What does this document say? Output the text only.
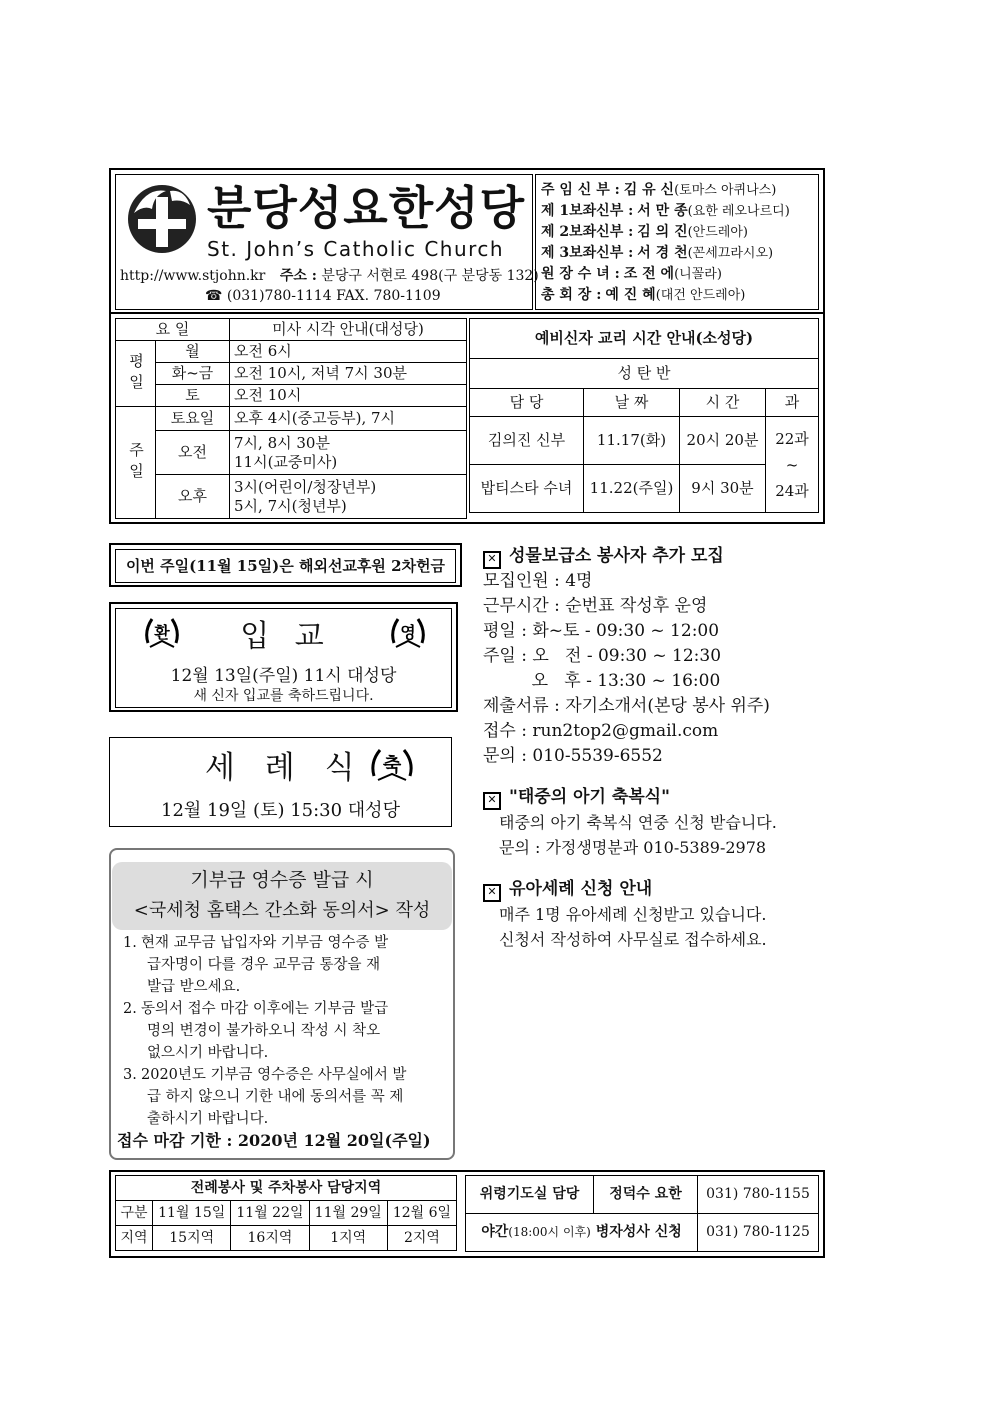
분당성요한성당
St. John’s Catholic Church
http://www.stjohn.kr 주소 : 분당구 서현로 498(구 분당동 132)
☎ (031)780-1114 FAX. 780-1109
주 임 신 부 : 김 유 신(토마스 아퀴나스)
제 1보좌신부 : 서 만 종(요한 레오나르디)
제 2보좌신부 : 김 의 진(안드레아)
제 3보좌신부 : 서 경 천(꼰세끄라시오)
원 장 수 녀 : 조 전 에(니꼴라)
총 회 장 : 예 진 혜(대건 안드레아)
요 일		미사 시각 안내(대성당)
평일	월	오전 6시
	화~금	오전 10시, 저녁 7시 30분
	토	오전 10시
주일	토요일	오후 4시(중고등부), 7시
	오전	7시, 8시 30분
11시(교중미사)

	오후	3시(어린이/청장년부)
5시, 7시(청년부)
예비신자 교리 시간 안내(소성당)			
성 탄 반			
담 당	날 짜	시 간	과
김의진 신부	11.17(화)	20시 20분	22과
~
24과

밥티스타 수녀	11.22(주일)	9시 30분	
이번 주일(11월 15일)은 해외선교후원 2차헌금
환	입 교	영
12월 13일(주일) 11시 대성당
새 신자 입교를 축하드립니다.
세 례 식 축
12월 19일 (토) 15:30 대성당
기부금 영수증 발급 시
<국세청 홈택스 간소화 동의서> 작성
1. 현재 교무금 납입자와 기부금 영수증 발
급자명이 다를 경우 교무금 통장을 재
발급 받으세요.
2. 동의서 접수 마감 이후에는 기부금 발급
명의 변경이 불가하오니 작성 시 착오
없으시기 바랍니다.
3. 2020년도 기부금 영수증은 사무실에서 발
급 하지 않으니 기한 내에 동의서를 꼭 제
출하시기 바랍니다.
접수 마감 기한 : 2020년 12월 20일(주일)
✕ 성물보급소 봉사자 추가 모집
모집인원 : 4명
근무시간 : 순번표 작성후 운영
평일 : 화~토 - 09:30 ~ 12:00
주일 : 오   전 - 09:30 ~ 12:30
오   후 - 13:30 ~ 16:00
제출서류 : 자기소개서(본당 봉사 위주)
접수 : run2top2@gmail.com
문의 : 010-5539-6552
✕ "태중의 아기 축복식"
태중의 아기 축복식 연중 신청 받습니다.
문의 : 가정생명분과 010-5389-2978
✕ 유아세례 신청 안내
매주 1명 유아세례 신청받고 있습니다.
신청서 작성하여 사무실로 접수하세요.
전례봉사 및 주차봉사 담당지역				
구분	11월 15일	11월 22일	11월 29일	12월 6일
지역	15지역	16지역	1지역	2지역
위령기도실 담당	정덕수 요한	031) 780-1155
야간(18:00시 이후) 병자성사 신청		031) 780-1125
